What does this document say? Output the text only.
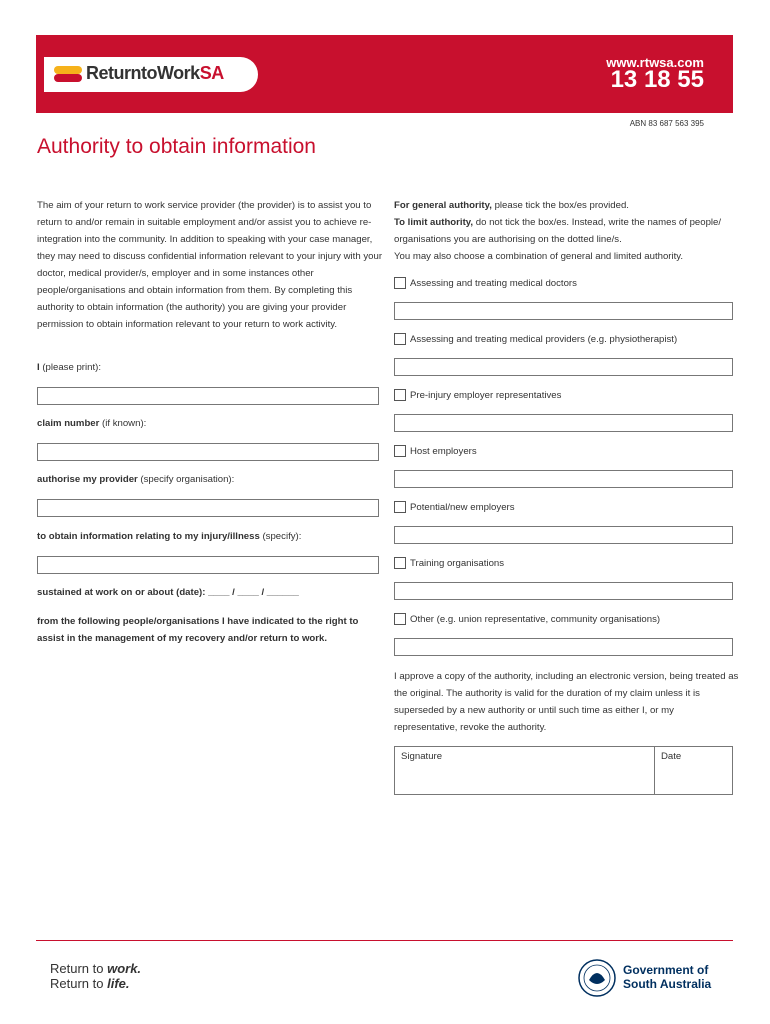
ReturntoWorkSA
www.rtwsa.com
13 18 55
ABN 83 687 563 395
Authority to obtain information
The aim of your return to work service provider (the provider) is to assist you to return to and/or remain in suitable employment and/or assist you to achieve re-integration into the community. In addition to speaking with your case manager, they may need to discuss confidential information relevant to your injury with your doctor, medical provider/s, employer and in some instances other people/organisations and obtain information from them. By completing this authority to obtain information (the authority) you are giving your provider permission to obtain information relevant to your return to work activity.
I (please print):
claim number (if known):
authorise my provider (specify organisation):
to obtain information relating to my injury/illness (specify):
sustained at work on or about (date): ____ / ____ / ______
from the following people/organisations I have indicated to the right to assist in the management of my recovery and/or return to work.
For general authority, please tick the box/es provided.
To limit authority, do not tick the box/es. Instead, write the names of people/ organisations you are authorising on the dotted line/s.
You may also choose a combination of general and limited authority.
Assessing and treating medical doctors
Assessing and treating medical providers (e.g. physiotherapist)
Pre-injury employer representatives
Host employers
Potential/new employers
Training organisations
Other (e.g. union representative, community organisations)
I approve a copy of the authority, including an electronic version, being treated as the original. The authority is valid for the duration of my claim unless it is superseded by a new authority or until such time as either I, or my representative, revoke the authority.
Signature	Date
Return to work.
Return to life.
Government of
South Australia
